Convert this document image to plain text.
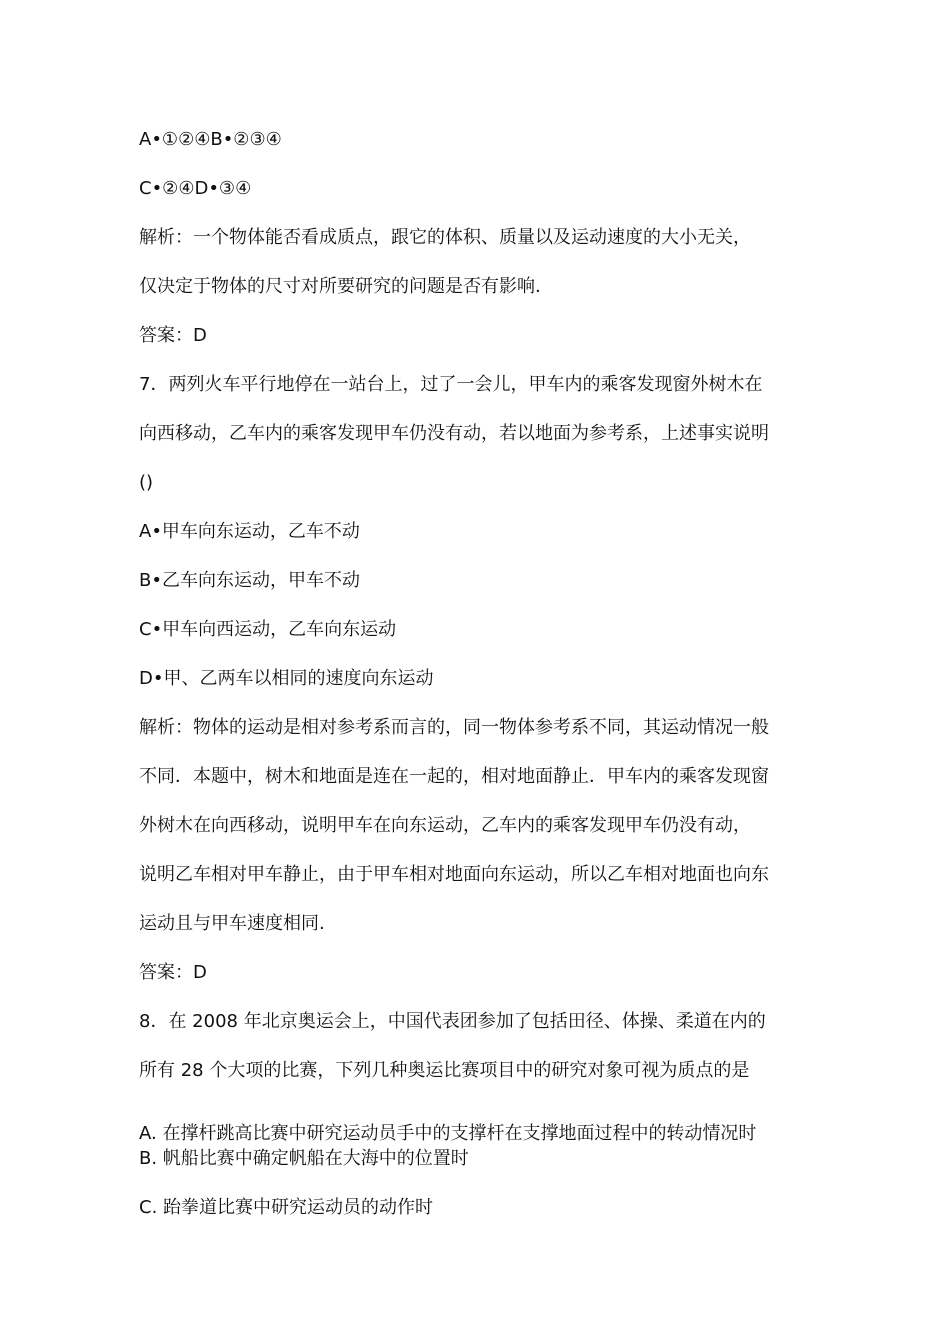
A•①②④B•②③④
C•②④D•③④
解析：一个物体能否看成质点，跟它的体积、质量以及运动速度的大小无关，
仅决定于物体的尺寸对所要研究的问题是否有影响.
答案：D
7．两列火车平行地停在一站台上，过了一会儿，甲车内的乘客发现窗外树木在
向西移动，乙车内的乘客发现甲车仍没有动，若以地面为参考系，上述事实说明
()
A•甲车向东运动，乙车不动
B•乙车向东运动，甲车不动
C•甲车向西运动，乙车向东运动
D•甲、乙两车以相同的速度向东运动
解析：物体的运动是相对参考系而言的，同一物体参考系不同，其运动情况一般
不同．本题中，树木和地面是连在一起的，相对地面静止．甲车内的乘客发现窗
外树木在向西移动，说明甲车在向东运动，乙车内的乘客发现甲车仍没有动，
说明乙车相对甲车静止，由于甲车相对地面向东运动，所以乙车相对地面也向东
运动且与甲车速度相同.
答案：D
8．在 2008 年北京奥运会上，中国代表团参加了包括田径、体操、柔道在内的
所有 28 个大项的比赛，下列几种奥运比赛项目中的研究对象可视为质点的是
A. 在撑杆跳高比赛中研究运动员手中的支撑杆在支撑地面过程中的转动情况时
B. 帆船比赛中确定帆船在大海中的位置时
C. 跆拳道比赛中研究运动员的动作时
